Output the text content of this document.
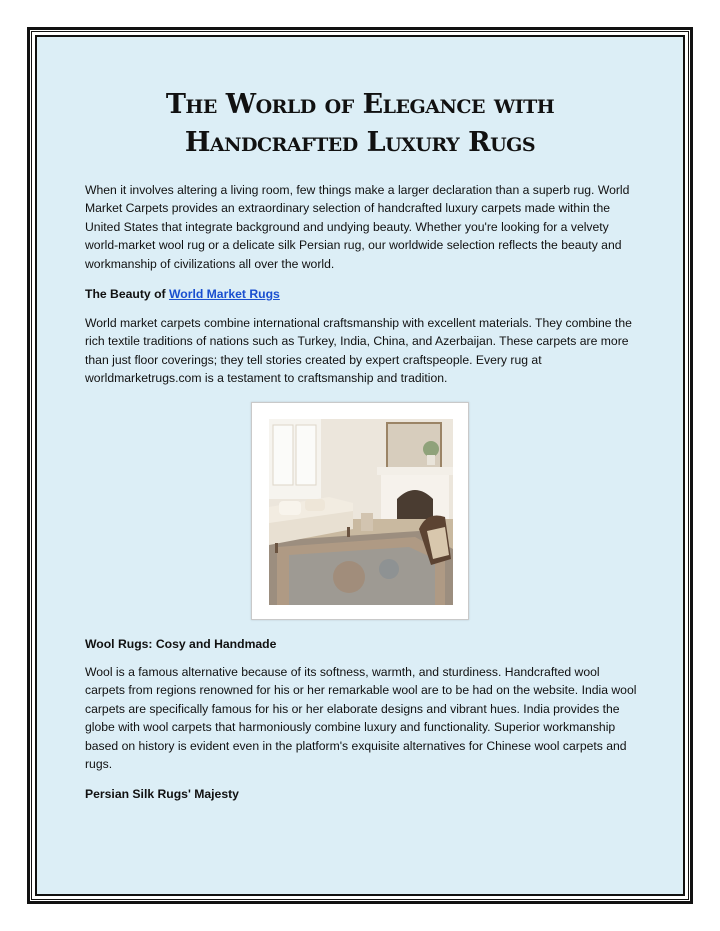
The World of Elegance with
Handcrafted Luxury Rugs
When it involves altering a living room, few things make a larger declaration than a superb rug. World Market Carpets provides an extraordinary selection of handcrafted luxury carpets made within the United States that integrate background and undying beauty. Whether you're looking for a velvety world-market wool rug or a delicate silk Persian rug, our worldwide selection reflects the beauty and workmanship of civilizations all over the world.
The Beauty of World Market Rugs
World market carpets combine international craftsmanship with excellent materials. They combine the rich textile traditions of nations such as Turkey, India, China, and Azerbaijan. These carpets are more than just floor coverings; they tell stories created by expert craftspeople. Every rug at worldmarketrugs.com is a testament to craftsmanship and tradition.
Wool Rugs: Cosy and Handmade
Wool is a famous alternative because of its softness, warmth, and sturdiness. Handcrafted wool carpets from regions renowned for his or her remarkable wool are to be had on the website. India wool carpets are specifically famous for his or her elaborate designs and vibrant hues. India provides the globe with wool carpets that harmoniously combine luxury and functionality. Superior workmanship based on history is evident even in the platform's exquisite alternatives for Chinese wool carpets and rugs.
Persian Silk Rugs' Majesty
